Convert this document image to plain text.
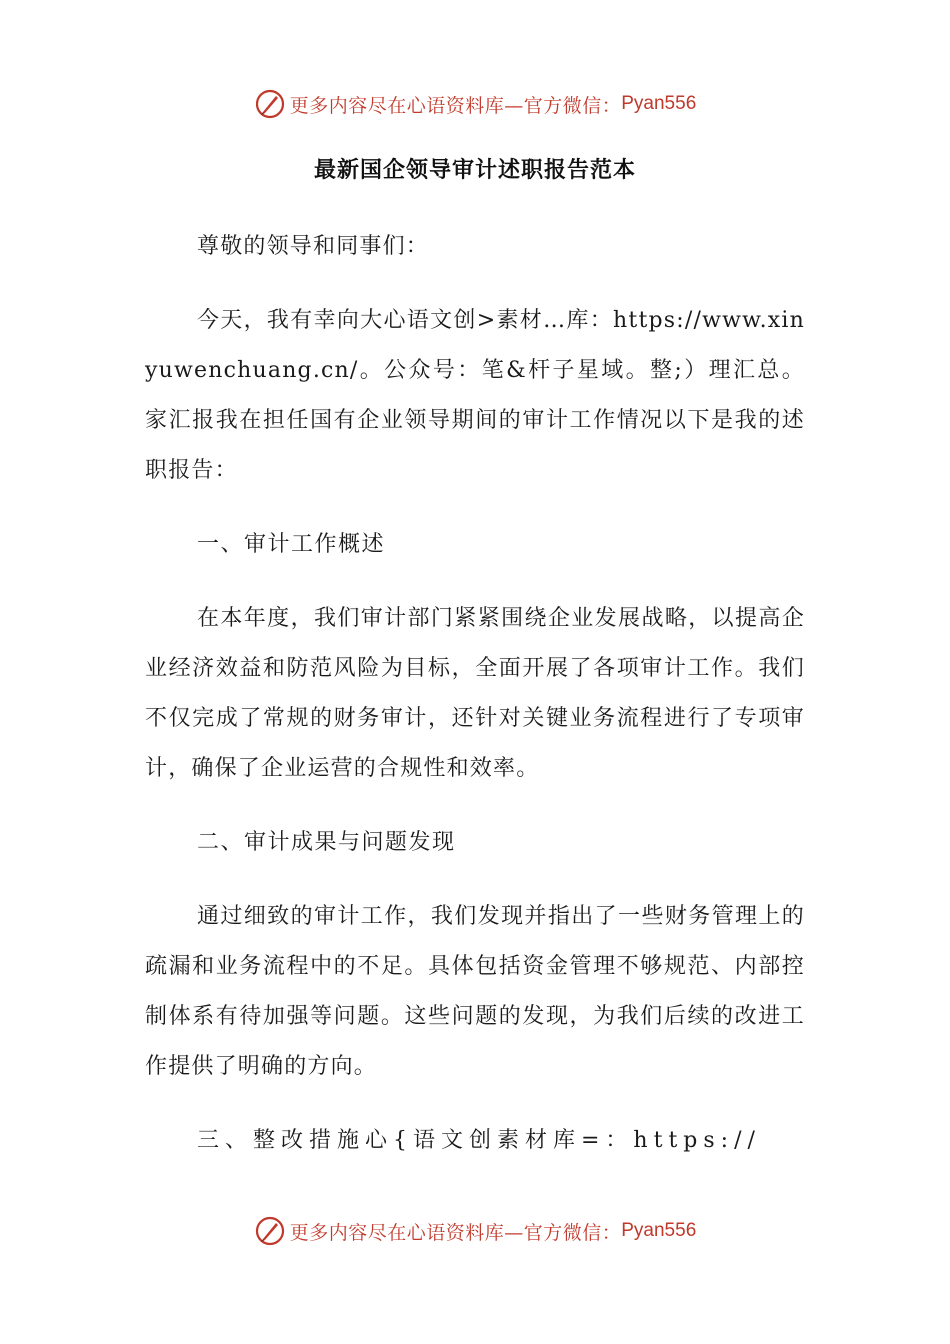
更多内容尽在心语资料库—官方微信： Pyan556
最新国企领导审计述职报告范本

尊敬的领导和同事们：

今天，我有幸向大心语文创>素材…库：https://www.xinyuwenchuang.cn/。公众号：笔&杆子星域。整;）理汇总。家汇报我在担任国有企业领导期间的审计工作情况以下是我的述职报告：

一、审计工作概述

在本年度，我们审计部门紧紧围绕企业发展战略，以提高企业经济效益和防范风险为目标，全面开展了各项审计工作。我们不仅完成了常规的财务审计，还针对关键业务流程进行了专项审计，确保了企业运营的合规性和效率。

二、审计成果与问题发现

通过细致的审计工作，我们发现并指出了一些财务管理上的疏漏和业务流程中的不足。具体包括资金管理不够规范、内部控制体系有待加强等问题。这些问题的发现，为我们后续的改进工作提供了明确的方向。

三、整改措施心{语文创素材库=：https://

更多内容尽在心语资料库—官方微信： Pyan556
